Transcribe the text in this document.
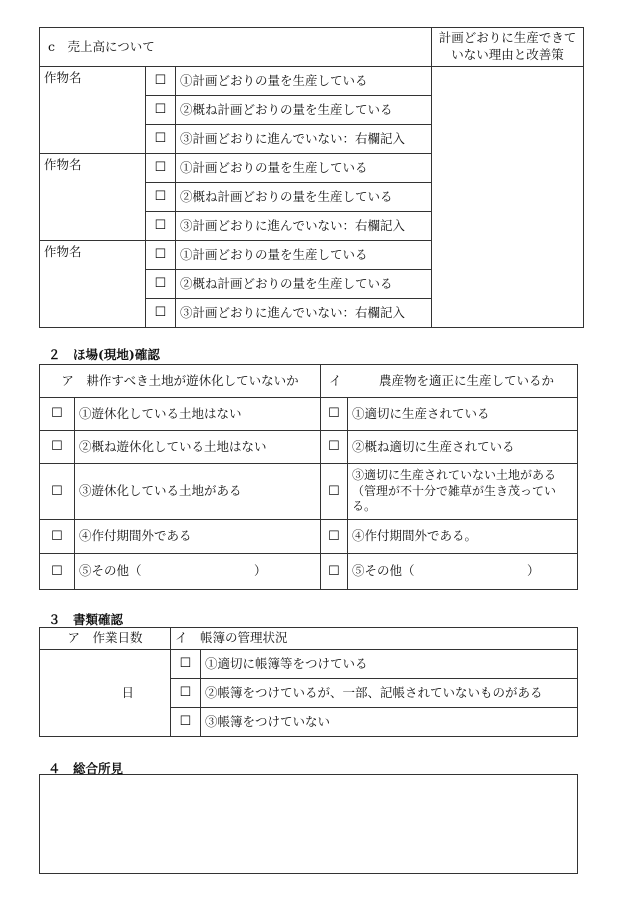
c　売上高について			計画どおりに生産できていない理由と改善策
作物名	☐	①計画どおりの量を生産している	
	☐	②概ね計画どおりの量を生産している	
	☐	③計画どおりに進んでいない：右欄記入	
作物名	☐	①計画どおりの量を生産している	
	☐	②概ね計画どおりの量を生産している	
	☐	③計画どおりに進んでいない：右欄記入	
作物名	☐	①計画どおりの量を生産している	
	☐	②概ね計画どおりの量を生産している	
	☐	③計画どおりに進んでいない：右欄記入	
２　ほ場(現地)確認
ア　耕作すべき土地が遊休化していないか		イ　　　農産物を適正に生産しているか	
☐	①遊休化している土地はない	☐	①適切に生産されている
☐	②概ね遊休化している土地はない	☐	②概ね適切に生産されている
☐	③遊休化している土地がある	☐	③適切に生産されていない土地がある（管理が不十分で雑草が生き茂っている。
☐	④作付期間外である	☐	④作付期間外である。
☐	⑤その他（　　　　　　　　　）	☐	⑤その他（　　　　　　　　　）
３　書類確認
ア　作業日数	イ　帳簿の管理状況	
日	☐	①適切に帳簿等をつけている
	☐	②帳簿をつけているが、一部、記帳されていないものがある
	☐	③帳簿をつけていない
４　総合所見
